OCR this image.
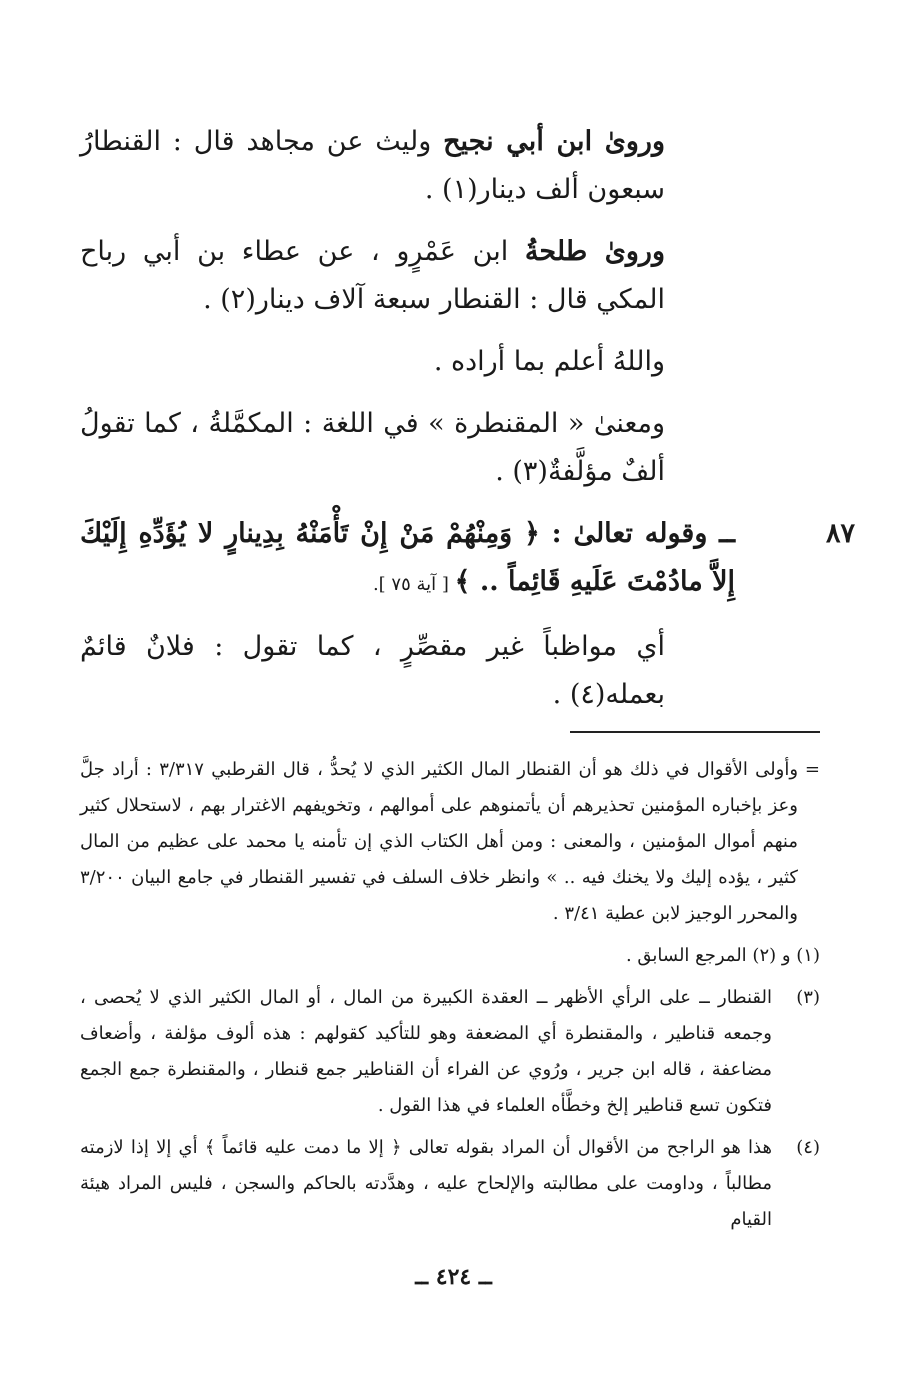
ورویٰ ابن أبي نجيح وليث عن مجاهد قال : القنطارُ سبعون ألف دينار(١) .

ورویٰ طلحةُ ابن عَمْرٍو ، عن عطاء بن أبي رباح المكي قال : القنطار سبعة آلاف دينار(٢) .

واللهُ أعلم بما أراده .

ومعنیٰ « المقنطرة » في اللغة : المكمَّلةُ ، كما تقولُ ألفٌ مؤلَّفةٌ(٣) .

٨٧

ــ وقوله تعالیٰ : ﴿ وَمِنْهُمْ مَنْ إِنْ تَأْمَنْهُ بِدِينارٍ لا يُؤَدِّهِ إِلَيْكَ إِلاَّ مادُمْتَ عَلَيهِ قَائِماً .. ﴾ [ آية ٧٥ ].

أي مواظباً غير مقصِّرٍ ، كما تقول : فلانٌ قائمٌ بعمله(٤) .

=
وأولى الأقوال في ذلك هو أن القنطار المال الكثير الذي لا يُحدُّ ، قال القرطبي ٣/٣١٧ : أراد جلَّ وعز بإخباره المؤمنين تحذيرهم أن يأتمنوهم على أموالهم ، وتخويفهم الاغترار بهم ، لاستحلال كثير منهم أموال المؤمنين ، والمعنى : ومن أهل الكتاب الذي إن تأمنه يا محمد على عظيم من المال كثير ، يؤده إليك ولا يخنك فيه .. » وانظر خلاف السلف في تفسير القنطار في جامع البيان ٣/٢٠٠ والمحرر الوجيز لابن عطية ٣/٤١ .

(١) و (٢) المرجع السابق .

(٣)
القنطار ــ على الرأي الأظهر ــ العقدة الكبيرة من المال ، أو المال الكثير الذي لا يُحصى ، وجمعه قناطير ، والمقنطرة أي المضعفة وهو للتأكيد كقولهم : هذه ألوف مؤلفة ، وأضعاف مضاعفة ، قاله ابن جرير ، ورُوي عن الفراء أن القناطير جمع قنطار ، والمقنطرة جمع الجمع فتكون تسع قناطير إلخ وخطَّأه العلماء في هذا القول .

(٤)
هذا هو الراجح من الأقوال أن المراد بقوله تعالى ﴿ إلا ما دمت عليه قائماً ﴾ أي إلا إذا لازمته مطالباً ، وداومت على مطالبته والإلحاح عليه ، وهدَّدته بالحاكم والسجن ، فليس المراد هيئة القيام

ــ ٤٢٤ ــ
